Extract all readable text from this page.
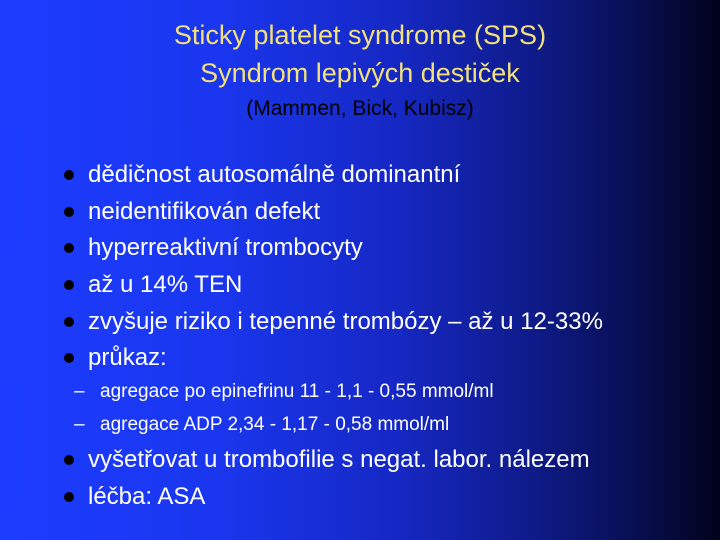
Sticky platelet syndrome (SPS)
Syndrom lepivých destiček
(Mammen, Bick, Kubisz)
dědičnost autosomálně dominantní
neidentifikován defekt
hyperreaktivní trombocyty
až u 14% TEN
zvyšuje riziko i tepenné trombózy – až u 12-33%
průkaz:
– agregace po epinefrinu 11 - 1,1 - 0,55 mmol/ml
– agregace ADP 2,34 - 1,17 - 0,58 mmol/ml
vyšetřovat u trombofilie s negat. labor. nálezem
léčba: ASA
